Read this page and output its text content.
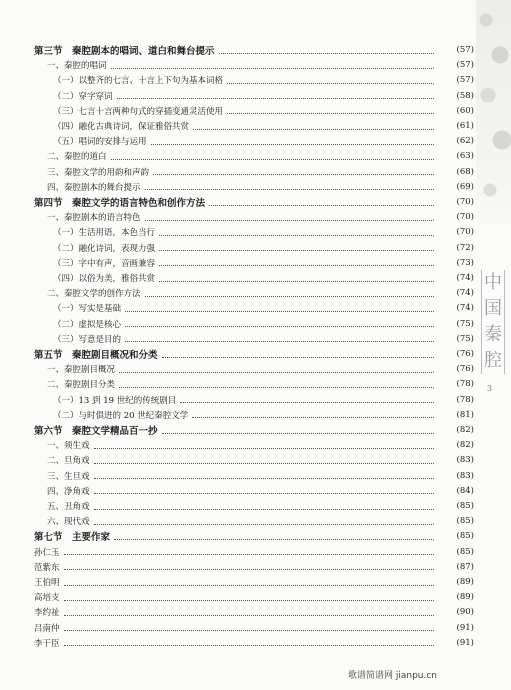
第三节　秦腔剧本的唱词、道白和舞台提示	(57)
一、秦腔的唱词	(57)
（一）以整齐的七言、十言上下句为基本词格	(57)
（二）穿字穿词	(58)
（三）七言十言两种句式的穿插变通灵活使用	(60)
（四）融化古典诗词，保证雅俗共赏	(61)
（五）唱词的安排与运用	(62)
二、秦腔的道白	(63)
三、秦腔文学的用韵和声韵	(68)
四、秦腔剧本的舞台提示	(69)
第四节　秦腔文学的语言特色和创作方法	(70)
一、秦腔剧本的语言特色	(70)
（一）生活用语，本色当行	(70)
（二）融化诗词，表现力强	(72)
（三）字中有声，音画兼容	(73)
（四）以俗为美，雅俗共赏	(74)
二、秦腔文学的创作方法	(74)
（一）写实是基础	(74)
（二）虚拟是核心	(75)
（三）写意是目的	(75)
第五节　秦腔剧目概况和分类	(76)
一、秦腔剧目概况	(76)
二、秦腔剧目分类	(78)
（一）13 到 19 世纪的传统剧目	(78)
（二）与时俱进的 20 世纪秦腔文学	(81)
第六节　秦腔文学精品百一抄	(82)
一、须生戏	(82)
二、旦角戏	(83)
三、生旦戏	(83)
四、净角戏	(84)
五、丑角戏	(85)
六、现代戏	(85)
第七节　主要作家	(85)
孙仁玉	(85)
范紫东	(87)
王伯明	(89)
高培支	(89)
李约祉	(90)
吕南仲	(91)
李干臣	(91)
中
国
秦
腔
3
歌谱简谱网 jianpu.cn
